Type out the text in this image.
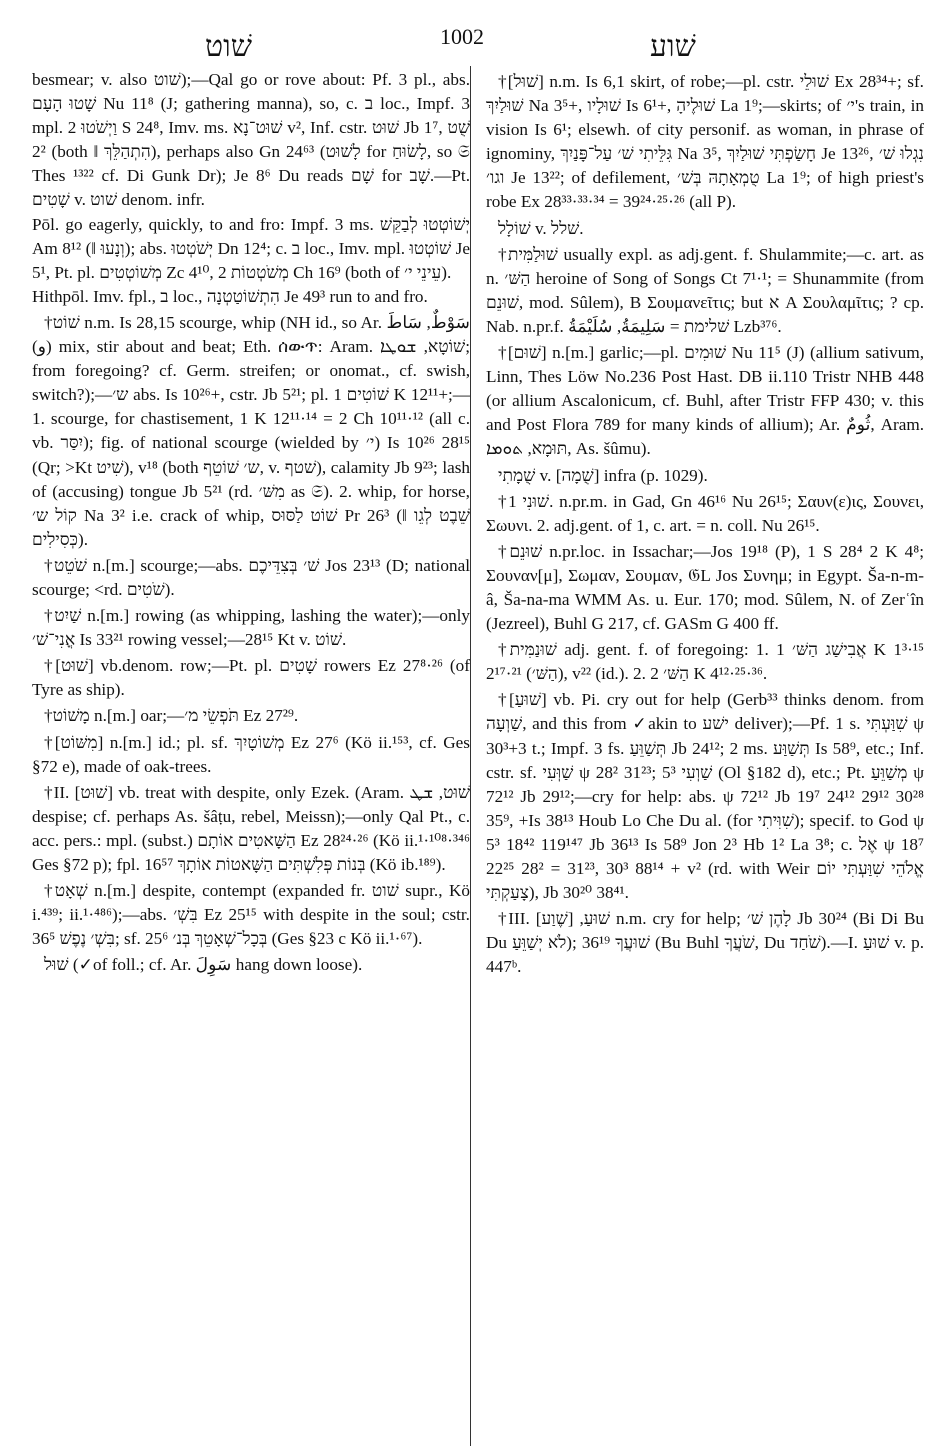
שׁוט	1002	שׁוע

besmear; v. also שׁוט);—Qal go or rove about: Pf. 3 pl., abs. שָׁטוּ הָעָם Nu 11⁸ (J; gathering manna), so, c. ב loc., Impf. 3 mpl. וַיְשֹׁטוּ 2 S 24⁸, Imv. ms. שׁוּט־נָא v², Inf. cstr. שׁוּט Jb 1⁷, שֻׁט 2² (both ‖ הִתְהַלֵּךְ), perhaps also Gn 24⁶³ (לָשׁוּט for לָשׂוּחַ, so 𝔖 Thes ¹³²² cf. Di Gunk Dr); Je 8⁶ Du reads שָׁם for שָׁב.—Pt. שָׁטִים v. שׁוט denom. infr.

Pōl. go eagerly, quickly, to and fro: Impf. 3 ms. יְשׁוֹטְטוּ לְבַקֵּשׁ Am 8¹² (‖ וְנָעוּ); abs. יְשֹׁטְטוּ Dn 12⁴; c. ב loc., Imv. mpl. שׁוֹטְטוּ Je 5¹, Pt. pl. מְשׁוֹטְטִים Zc 4¹⁰, מְשֹׁטְטוֹת 2 Ch 16⁹ (both of עֵינֵי י׳).

Hithpōl. Imv. fpl., ב loc., הִתְשׁוֹטַטְנָה Je 49³ run to and fro.

†שׁוֹט n.m. Is 28,15 scourge, whip (NH id., so Ar. سَوْطٌ, سَاطَ (و) mix, stir about and beat; Eth. ሰውጥ: Aram. שׁוֹטָא, ܫܘܛܐ; from foregoing? cf. Germ. streifen; or onomat., cf. swish, switch?);—ש׳ abs. Is 10²⁶+, cstr. Jb 5²¹; pl. שׁוֹטִים 1 K 12¹¹+;—1. scourge, for chastisement, 1 K 12¹¹·¹⁴ = 2 Ch 10¹¹·¹² (all c. vb. יִסַּר); fig. of national scourge (wielded by י׳) Is 10²⁶ 28¹⁵ (Qr; >Kt שִׁיט), v¹⁸ (both ש׳ שׁוֹטֵף, v. שׁטף), calamity Jb 9²³; lash of (accusing) tongue Jb 5²¹ (rd. מִשּׁ׳ as 𝔖). 2. whip, for horse, קוֹל ש׳ Na 3² i.e. crack of whip, שׁוֹט לַסּוּס Pr 26³ (‖ שֵׁבֶט לְגֵו כְּסִילִים).

†שֹׁטֵט n.[m.] scourge;—abs. שׁ׳ בְּצִדֵּיכֶם Jos 23¹³ (D; national scourge; <rd. שֹׁטִים).

†שַׁיִט n.[m.] rowing (as whipping, lashing the water);—only אֳנִי־שׁ׳ Is 33²¹ rowing vessel;—28¹⁵ Kt v. שׁוֹט.

†[שׁוּט] vb.denom. row;—Pt. pl. שָׁטִים rowers Ez 27⁸·²⁶ (of Tyre as ship).

†מָשׁוֹט n.[m.] oar;—תֹּפְשֵׂי מ׳ Ez 27²⁹.

†[מִשּׁוֹט] n.[m.] id.; pl. sf. מְשׁוֹטָיִךְ Ez 27⁶ (Kö ii.¹⁵³, cf. Ges §72 e), made of oak-trees.

†II. [שׁוּט] vb. treat with despite, only Ezek. (Aram. שׁוּט, ܫܛ despise; cf. perhaps As. šâṭu, rebel, Meissn);—only Qal Pt., c. acc. pers.: mpl. (subst.) הַשָּׁאטִים אוֹתָם Ez 28²⁴·²⁶ (Kö ii.¹·¹⁰⁸·³⁴⁶ Ges §72 p); fpl. בְּנוֹת פְּלִשְׁתִּים הַשָּׁאטוֹת אוֹתָךְ 16⁵⁷ (Kö ib.¹⁸⁹).

†שְׁאָט n.[m.] despite, contempt (expanded fr. שׁוט supr., Kö i.⁴³⁹; ii.¹·⁴⁸⁶);—abs. בִּשְׁ׳ Ez 25¹⁵ with despite in the soul; cstr. בִּשְׁ׳ נֶפֶשׁ 36⁵; sf. בְּכָל־שְׁאָטֵךְ בְּנ׳ 25⁶ (Ges §23 c Kö ii.¹·⁶⁷).

שׁוּל (✓of foll.; cf. Ar. سَوِلَ hang down loose).

†[שׁוּל] n.m. Is 6,1 skirt, of robe;—pl. cstr. שׁוּלֵי Ex 28³⁴+; sf. שׁוּלַיִךְ Na 3⁵+, שׁוּלָיו Is 6¹+, שׁוּלֶיהָ La 1⁹;—skirts; of י׳'s train, in vision Is 6¹; elsewh. of city personif. as woman, in phrase of ignominy, גִּלֵּיתִי שׁ׳ עַל־פָּנַיִךְ Na 3⁵, חָשַׂפְתִּי שׁוּלַיִךְ Je 13²⁶, נִגְלוּ שׁ׳ וגו׳ Je 13²²; of defilement, טֻמְאָתָהּ בְּשׁ׳ La 1⁹; of high priest's robe Ex 28³³·³³·³⁴ = 39²⁴·²⁵·²⁶ (all P).

שׁוֹלָל v. שׁלל.

†שׁוּלַמִּית usually expl. as adj.gent. f. Shulammite;—c. art. as n. הַשּׁ׳ heroine of Song of Songs Ct 7¹·¹; = Shunammite (from שׁוּנֵם, mod. Sûlem), B Σουμανεῖτις; but א A Σουλαμῖτις; ? cp. Nab. n.pr.f. שׁלימת = سَلِيمَةُ, سُلَيْمَةُ Lzb³⁷⁶.

†[שׁוּם] n.[m.] garlic;—pl. שׁוּמִים Nu 11⁵ (J) (allium sativum, Linn, Thes Löw No.236 Post Hast. DB ii.110 Tristr NHB 448 (or allium Ascalonicum, cf. Buhl, after Tristr FFP 430; v. this and Post Flora 789 for many kinds of allium); Ar. ثُومٌ, Aram. תּוּמָא, ܬܘܡܐ, As. šûmu).

שֻׁמָתִי v. [שֻׁמָה] infra (p. 1029).

†שׁוּנִי 1. n.pr.m. in Gad, Gn 46¹⁶ Nu 26¹⁵; Σαυν(ε)ις, Σουνει, Σωυνι. 2. adj.gent. of 1, c. art. = n. coll. Nu 26¹⁵.

†שׁוּנֵם n.pr.loc. in Issachar;—Jos 19¹⁸ (P), 1 S 28⁴ 2 K 4⁸; Σουναν[μ], Σωμαν, Σουμαν, 𝔊L Jos Συνημ; in Egypt. Ša-n-m-â, Ša-na-ma WMM As. u. Eur. 170; mod. Sûlem, N. of Zerʿîn (Jezreel), Buhl G 217, cf. GASm G 400 ff.

†שׁוּנַמִּית adj. gent. f. of foregoing: 1. אֲבִישַׁג הַשּׁ׳ 1 K 1³·¹⁵ 2¹⁷·²¹ (הַשּׁ׳), v²² (id.). 2. הַשּׁ׳ 2 K 4¹²·²⁵·³⁶.

†[שׁוּעַ] vb. Pi. cry out for help (Gerb³³ thinks denom. from שַׁוְעָה, and this from ✓akin to ישׁע deliver);—Pf. 1 s. שִׁוַּעְתִּי ψ 30³+3 t.; Impf. 3 fs. תְּשַׁוֵּעַ Jb 24¹²; 2 ms. תְּשַׁוַּע Is 58⁹, etc.; Inf. cstr. sf. שַׁוְּעִי ψ 28² 31²³; שַׁוְעִי 5³ (Ol §182 d), etc.; Pt. מְשַׁוֵּעַ ψ 72¹² Jb 29¹²;—cry for help: abs. ψ 72¹² Jb 19⁷ 24¹² 29¹² 30²⁸ 35⁹, +Is 38¹³ Houb Lo Che Du al. (for שִׁוִּיתִי); specif. to God ψ 5³ 18⁴² 119¹⁴⁷ Jb 36¹³ Is 58⁹ Jon 2³ Hb 1² La 3⁸; c. אֶל ψ 18⁷ 22²⁵ 28² = 31²³, 30³ 88¹⁴ + v² (rd. with Weir אֱלֹהֵי שִׁוַּעְתִּי יוֹם צָעַקְתִּי), Jb 30²⁰ 38⁴¹.

†III. שׁוּעַ, [שֶׁוַע] n.m. cry for help; לָהֶן שׁ׳ Jb 30²⁴ (Bi Di Bu Du לֹא יְשַׁוֵּעַ); שׁוּעֲךָ 36¹⁹ (Bu Buhl שֹׁעֲךָ, Du שֹׁחַד).—I. שׁוּעַ v. p. 447ᵇ.
